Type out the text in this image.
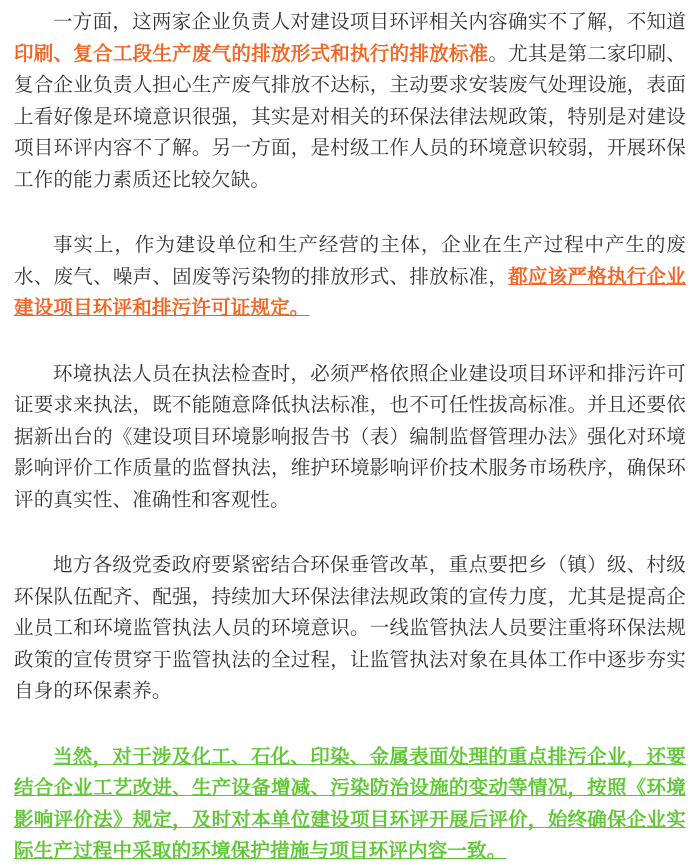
一方面，这两家企业负责人对建设项目环评相关内容确实不了解，不知道印刷、复合工段生产废气的排放形式和执行的排放标准。尤其是第二家印刷、复合企业负责人担心生产废气排放不达标，主动要求安装废气处理设施，表面上看好像是环境意识很强，其实是对相关的环保法律法规政策，特别是对建设项目环评内容不了解。另一方面，是村级工作人员的环境意识较弱，开展环保工作的能力素质还比较欠缺。

事实上，作为建设单位和生产经营的主体，企业在生产过程中产生的废水、废气、噪声、固废等污染物的排放形式、排放标准，都应该严格执行企业建设项目环评和排污许可证规定。

环境执法人员在执法检查时，必须严格依照企业建设项目环评和排污许可证要求来执法，既不能随意降低执法标准，也不可任性拔高标准。并且还要依据新出台的《建设项目环境影响报告书（表）编制监督管理办法》强化对环境影响评价工作质量的监督执法，维护环境影响评价技术服务市场秩序，确保环评的真实性、准确性和客观性。

地方各级党委政府要紧密结合环保垂管改革，重点要把乡（镇）级、村级环保队伍配齐、配强，持续加大环保法律法规政策的宣传力度，尤其是提高企业员工和环境监管执法人员的环境意识。一线监管执法人员要注重将环保法规政策的宣传贯穿于监管执法的全过程，让监管执法对象在具体工作中逐步夯实自身的环保素养。

当然，对于涉及化工、石化、印染、金属表面处理的重点排污企业，还要结合企业工艺改进、生产设备增减、污染防治设施的变动等情况，按照《环境影响评价法》规定，及时对本单位建设项目环评开展后评价，始终确保企业实际生产过程中采取的环境保护措施与项目环评内容一致。
